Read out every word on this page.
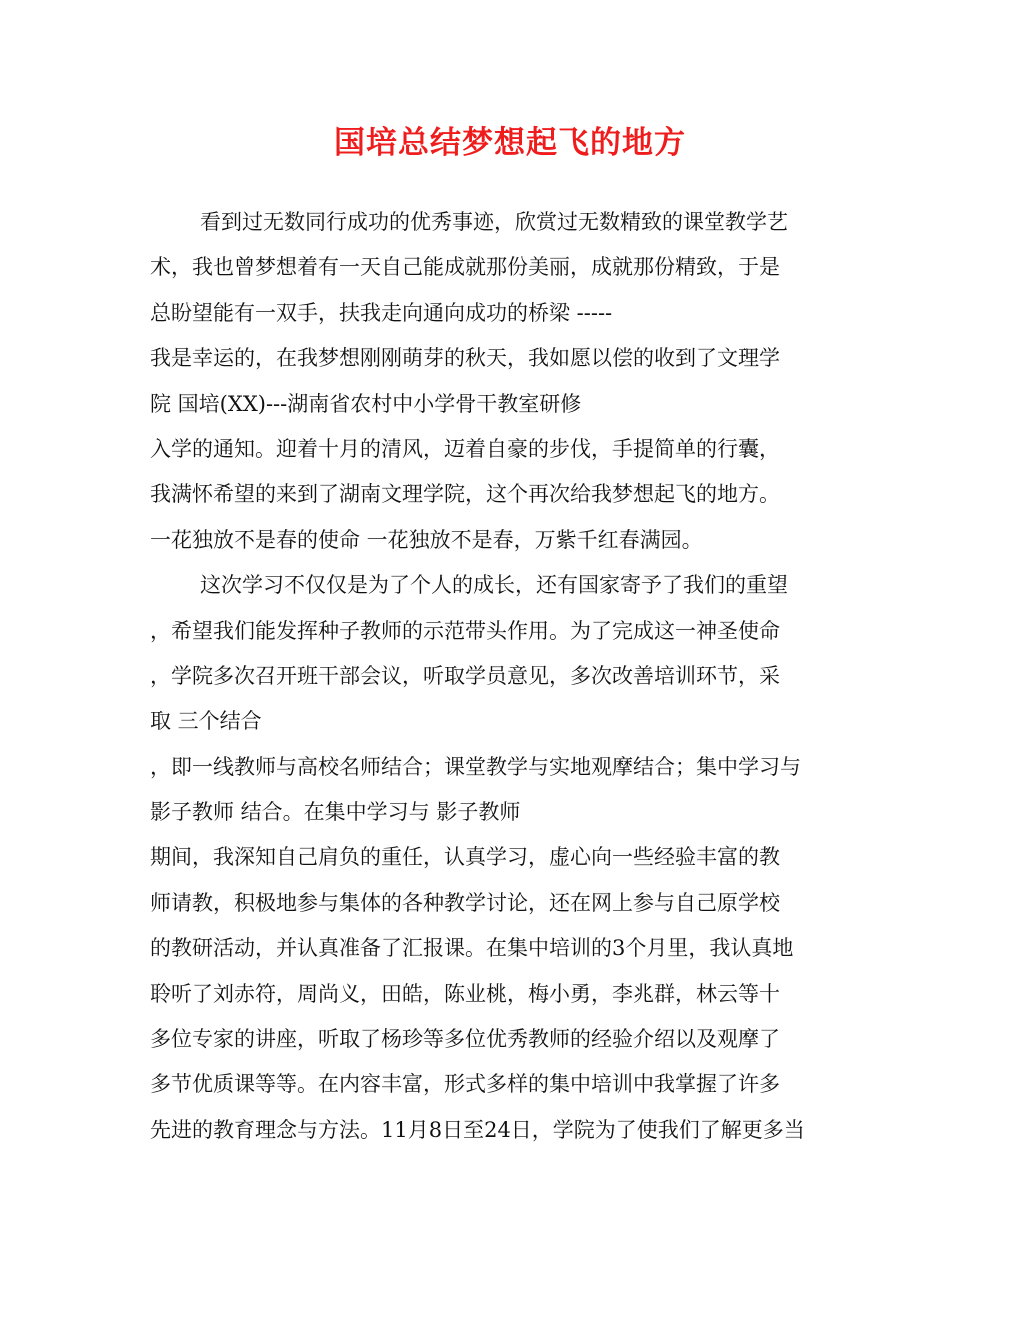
国培总结梦想起飞的地方
看到过无数同行成功的优秀事迹，欣赏过无数精致的课堂教学艺
术，我也曾梦想着有一天自己能成就那份美丽，成就那份精致，于是
总盼望能有一双手，扶我走向通向成功的桥梁 -----
我是幸运的，在我梦想刚刚萌芽的秋天，我如愿以偿的收到了文理学
院 国培(XX)---湖南省农村中小学骨干教室研修
入学的通知。迎着十月的清风，迈着自豪的步伐，手提简单的行囊，
我满怀希望的来到了湖南文理学院，这个再次给我梦想起飞的地方。
一花独放不是春的使命 一花独放不是春，万紫千红春满园。
这次学习不仅仅是为了个人的成长，还有国家寄予了我们的重望
，希望我们能发挥种子教师的示范带头作用。为了完成这一神圣使命
，学院多次召开班干部会议，听取学员意见，多次改善培训环节，采
取 三个结合
，即一线教师与高校名师结合；课堂教学与实地观摩结合；集中学习与
影子教师 结合。在集中学习与 影子教师
期间，我深知自己肩负的重任，认真学习，虚心向一些经验丰富的教
师请教，积极地参与集体的各种教学讨论，还在网上参与自己原学校
的教研活动，并认真准备了汇报课。在集中培训的3个月里，我认真地
聆听了刘赤符，周尚义，田皓，陈业桃，梅小勇，李兆群，林云等十
多位专家的讲座，听取了杨珍等多位优秀教师的经验介绍以及观摩了
多节优质课等等。在内容丰富，形式多样的集中培训中我掌握了许多
先进的教育理念与方法。11月8日至24日，学院为了使我们了解更多当
